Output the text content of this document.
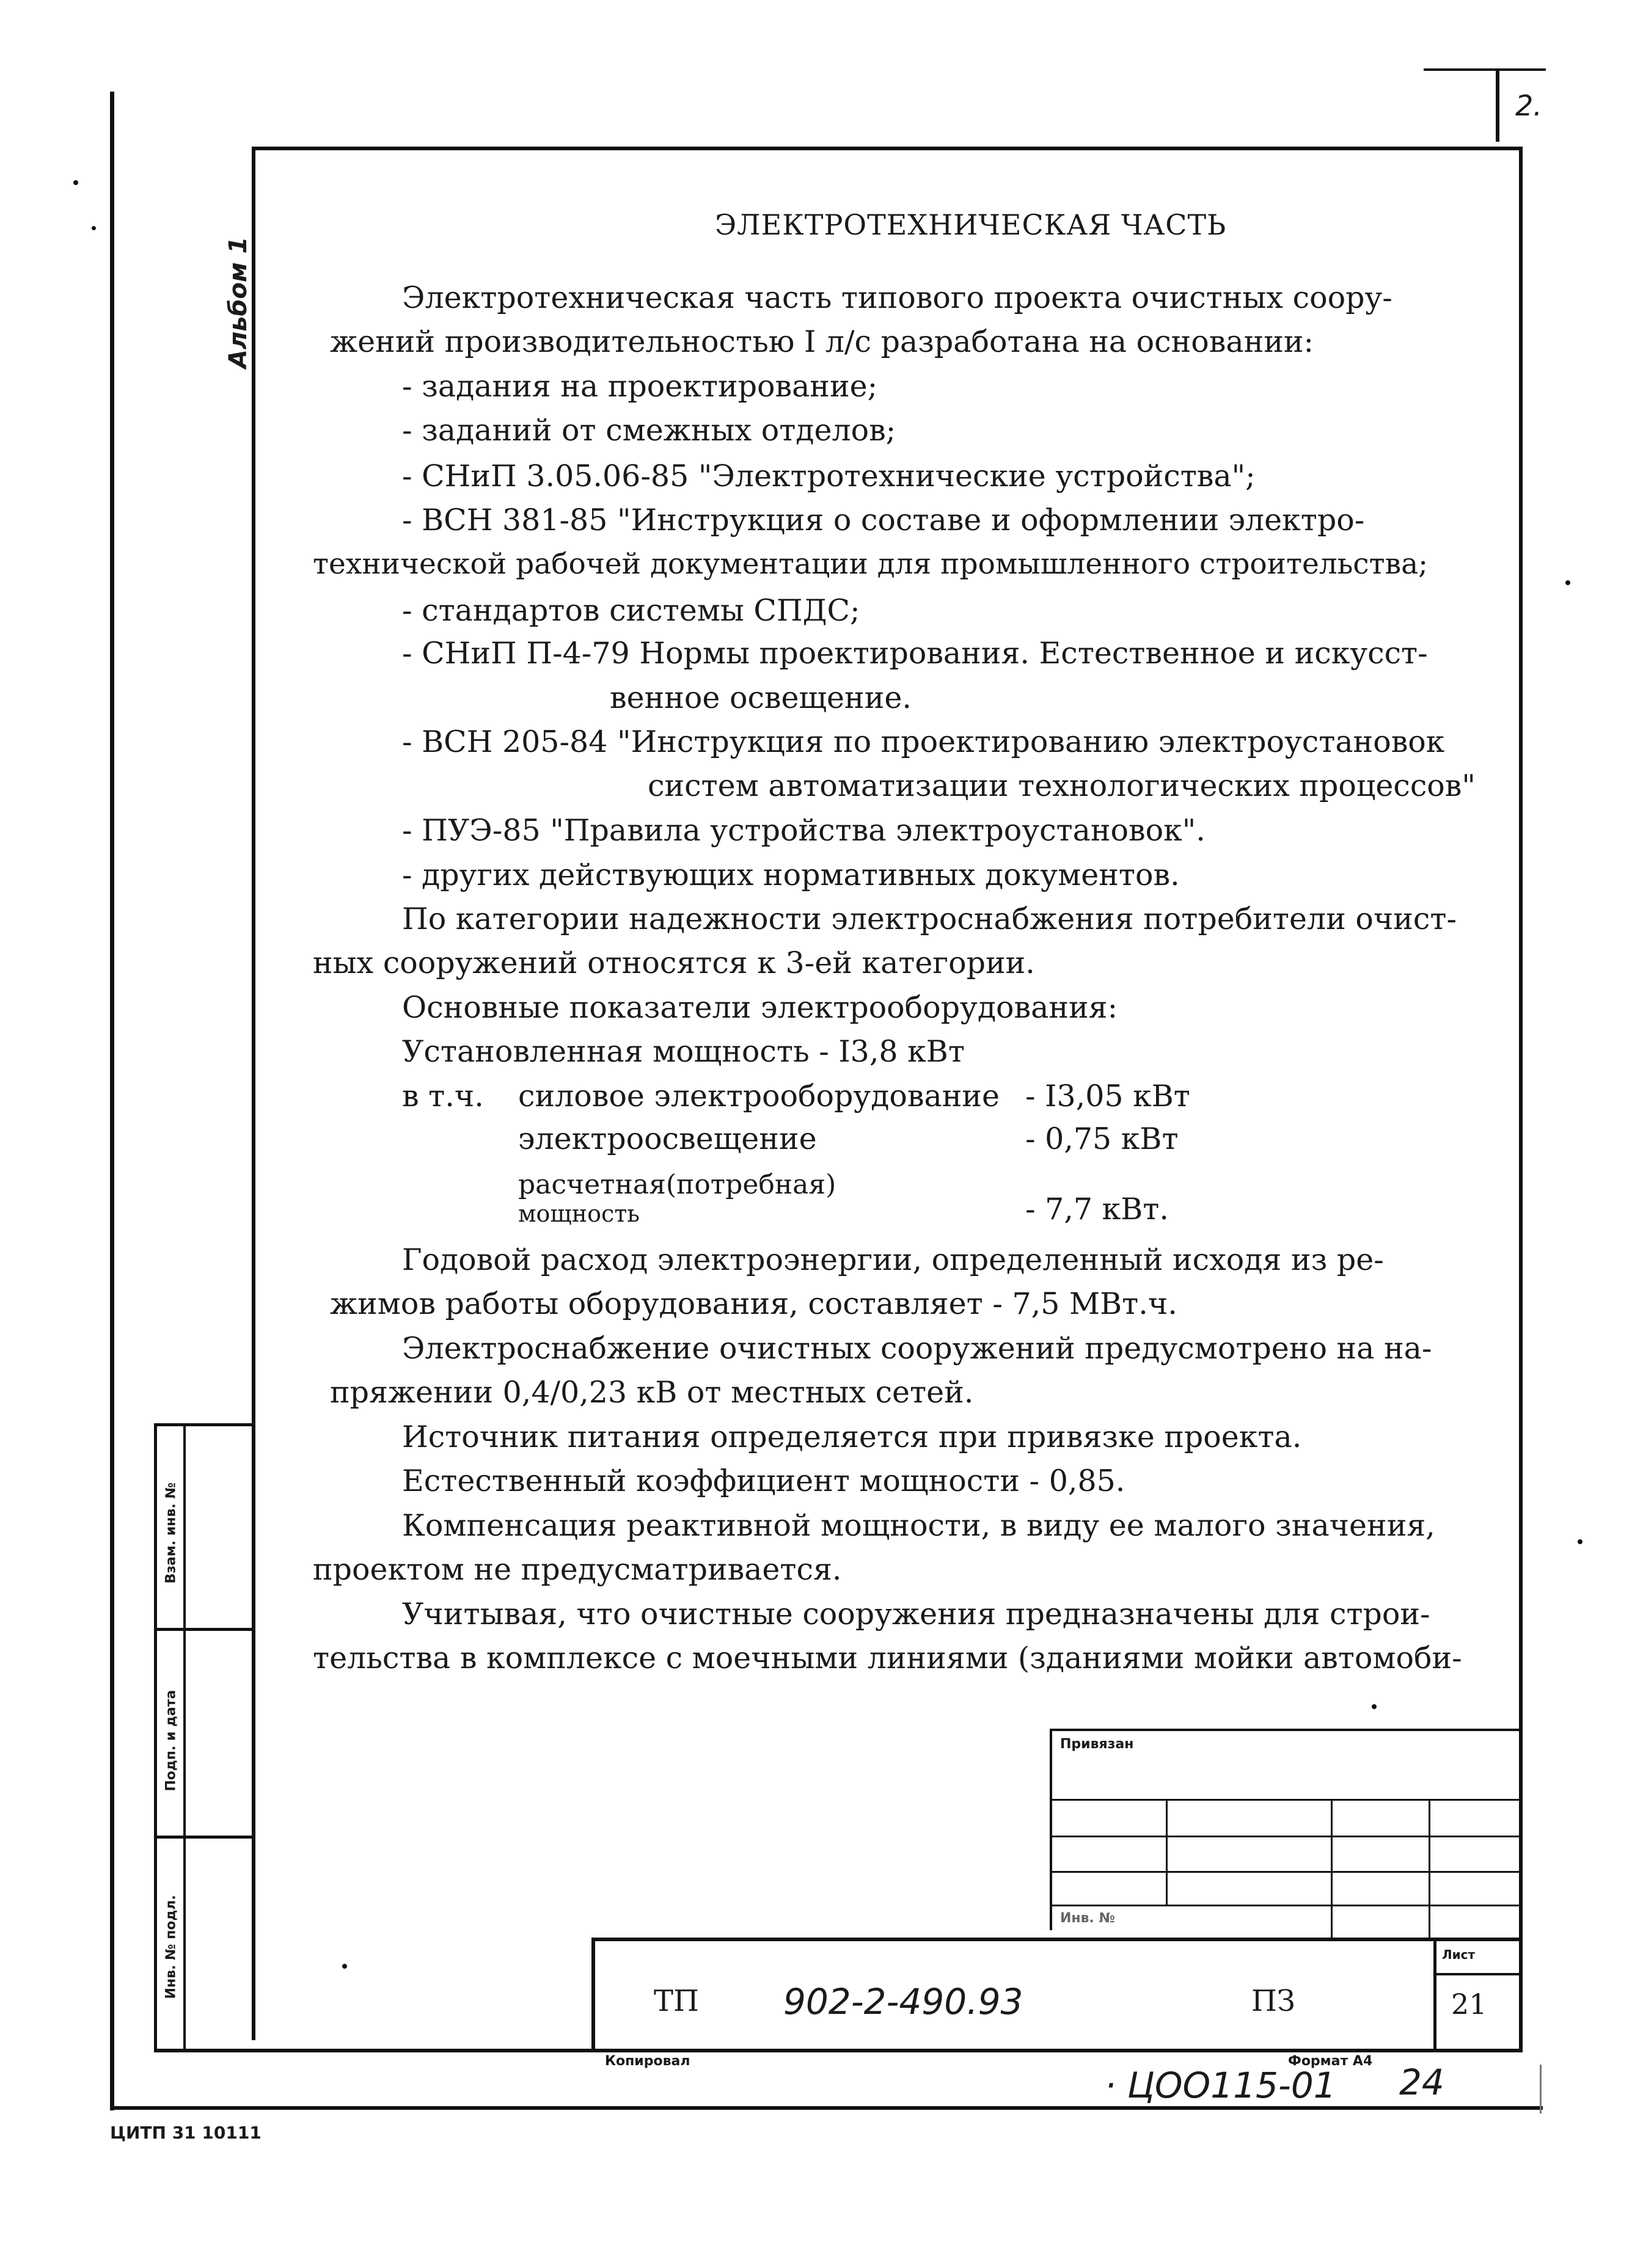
2.
Альбом 1
ЭЛЕКТРОТЕХНИЧЕСКАЯ ЧАСТЬ
Электротехническая часть типового проекта очистных соору-
жений производительностью I л/с разработана на основании:
- задания на проектирование;
- заданий от смежных отделов;
- СНиП 3.05.06-85 "Электротехнические устройства";
- ВСН 381-85 "Инструкция о составе и оформлении электро-
технической рабочей документации для промышленного строительства;
- стандартов системы СПДС;
- СНиП П-4-79 Нормы проектирования. Естественное и искусст-
венное освещение.
- ВСН 205-84 "Инструкция по проектированию электроустановок
систем автоматизации технологических процессов"
- ПУЭ-85 "Правила устройства электроустановок".
- других действующих нормативных документов.
По категории надежности электроснабжения потребители очист-
ных сооружений относятся к 3-ей категории.
Основные показатели электрооборудования:
Установленная мощность - I3,8 кВт
в т.ч. силовое электрооборудование - I3,05 кВт
электроосвещение	- 0,75 кВт
расчетная(потребная)
мощность	- 7,7 кВт.
Годовой расход электроэнергии, определенный исходя из ре-
жимов работы оборудования, составляет - 7,5 МВт.ч.
Электроснабжение очистных сооружений предусмотрено на на-
пряжении 0,4/0,23 кВ от местных сетей.
Источник питания определяется при привязке проекта.
Естественный коэффициент мощности - 0,85.
Компенсация реактивной мощности, в виду ее малого значения,
проектом не предусматривается.
Учитывая, что очистные сооружения предназначены для строи-
тельства в комплексе с моечными линиями (зданиями мойки автомоби-
Взам. инв. №
Подп. и дата
Инв. № подл.
Привязан
Инв. №
ТП 902-2-490.93	ПЗ
Лист
21
Копировал	Формат А4
· ЦОО115-01 24
ЦИТП 31 10111
